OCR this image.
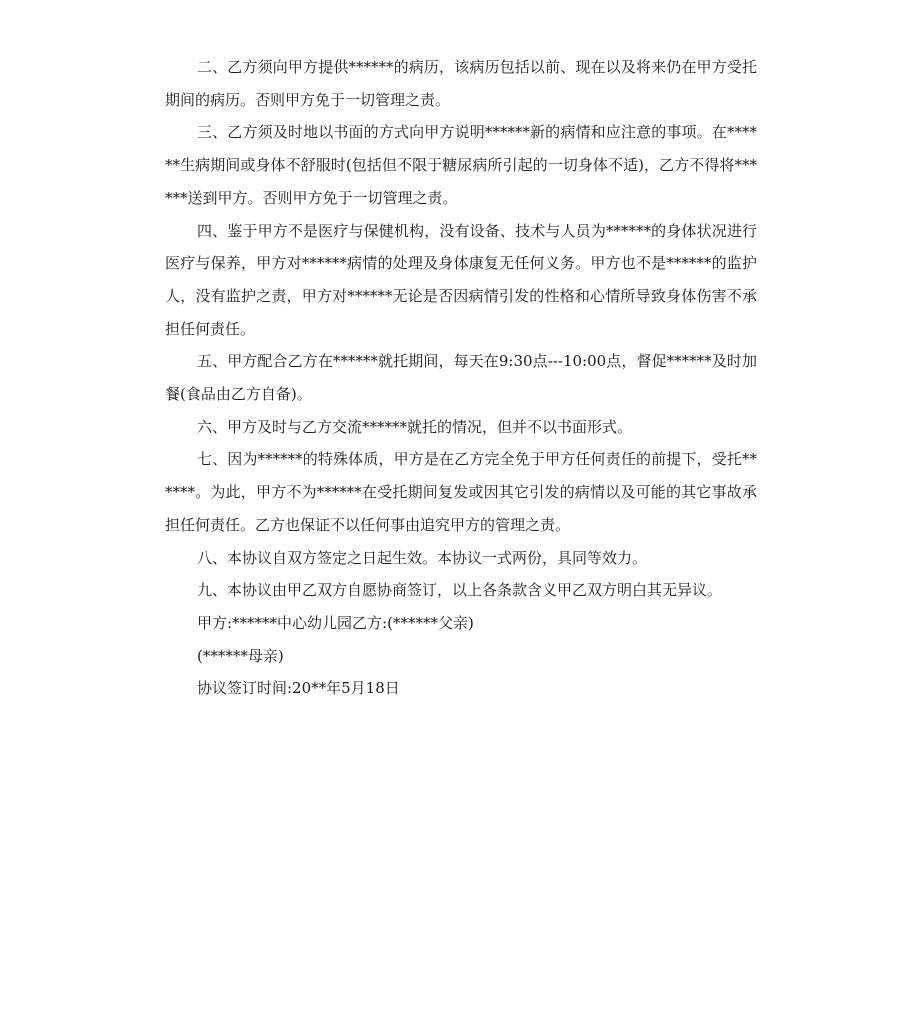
二、乙方须向甲方提供******的病历，该病历包括以前、现在以及将来仍在甲方受托期间的病历。否则甲方免于一切管理之责。

三、乙方须及时地以书面的方式向甲方说明******新的病情和应注意的事项。在******生病期间或身体不舒服时(包括但不限于糖尿病所引起的一切身体不适)，乙方不得将******送到甲方。否则甲方免于一切管理之责。

四、鉴于甲方不是医疗与保健机构，没有设备、技术与人员为******的身体状况进行医疗与保养，甲方对******病情的处理及身体康复无任何义务。甲方也不是******的监护人，没有监护之责，甲方对******无论是否因病情引发的性格和心情所导致身体伤害不承担任何责任。

五、甲方配合乙方在******就托期间，每天在9:30点---10:00点，督促******及时加餐(食品由乙方自备)。

六、甲方及时与乙方交流******就托的情况，但并不以书面形式。

七、因为******的特殊体质，甲方是在乙方完全免于甲方任何责任的前提下，受托******。为此，甲方不为******在受托期间复发或因其它引发的病情以及可能的其它事故承担任何责任。乙方也保证不以任何事由追究甲方的管理之责。

八、本协议自双方签定之日起生效。本协议一式两份，具同等效力。

九、本协议由甲乙双方自愿协商签订，以上各条款含义甲乙双方明白其无异议。

甲方:******中心幼儿园乙方:(******父亲)

(******母亲)

协议签订时间:20**年5月18日
